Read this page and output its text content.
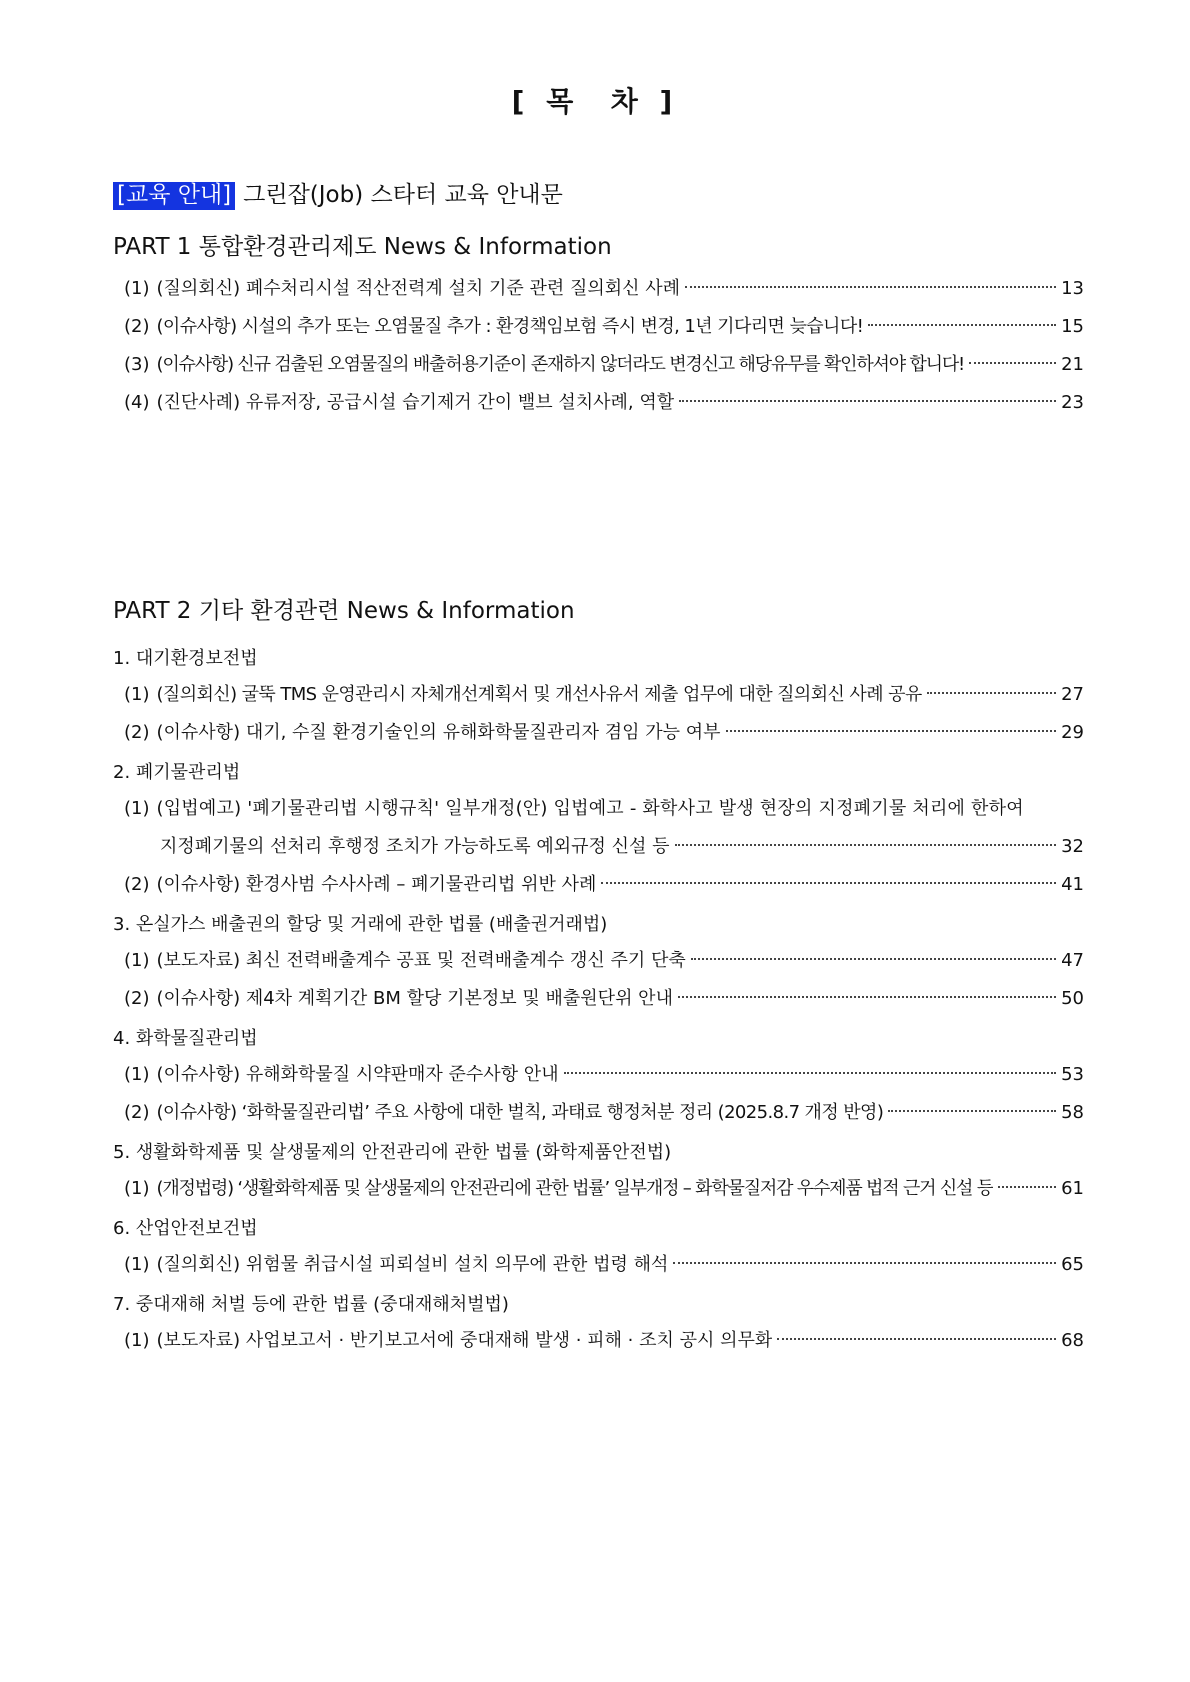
[ 목  차 ]
[교육 안내] 그린잡(Job) 스타터 교육 안내문
PART 1 통합환경관리제도 News & Information
(1) (질의회신) 폐수처리시설 적산전력계 설치 기준 관련 질의회신 사례	13
(2) (이슈사항) 시설의 추가 또는 오염물질 추가 : 환경책임보험 즉시 변경, 1년 기다리면 늦습니다!	15
(3) (이슈사항) 신규 검출된 오염물질의 배출허용기준이 존재하지 않더라도 변경신고 해당유무를 확인하셔야 합니다!	21
(4) (진단사례) 유류저장, 공급시설 습기제거 간이 밸브 설치사례, 역할	23
PART 2 기타 환경관련 News & Information
1. 대기환경보전법
(1) (질의회신) 굴뚝 TMS 운영관리시 자체개선계획서 및 개선사유서 제출 업무에 대한 질의회신 사례 공유	27
(2) (이슈사항) 대기, 수질 환경기술인의 유해화학물질관리자 겸임 가능 여부	29
2. 폐기물관리법
(1) (입법예고) '폐기물관리법 시행규칙' 일부개정(안) 입법예고 - 화학사고 발생 현장의 지정폐기물 처리에 한하여
지정폐기물의 선처리 후행정 조치가 가능하도록 예외규정 신설 등	32
(2) (이슈사항) 환경사범 수사사례 – 폐기물관리법 위반 사례	41
3. 온실가스 배출권의 할당 및 거래에 관한 법률 (배출권거래법)
(1) (보도자료) 최신 전력배출계수 공표 및 전력배출계수 갱신 주기 단축	47
(2) (이슈사항) 제4차 계획기간 BM 할당 기본정보 및 배출원단위 안내	50
4. 화학물질관리법
(1) (이슈사항) 유해화학물질 시약판매자 준수사항 안내	53
(2) (이슈사항) ‘화학물질관리법’ 주요 사항에 대한 벌칙, 과태료 행정처분 정리 (2025.8.7 개정 반영)	58
5. 생활화학제품 및 살생물제의 안전관리에 관한 법률 (화학제품안전법)
(1) (개정법령) ‘생활화학제품 및 살생물제의 안전관리에 관한 법률’ 일부개정 – 화학물질저감 우수제품 법적 근거 신설 등	61
6. 산업안전보건법
(1) (질의회신) 위험물 취급시설 피뢰설비 설치 의무에 관한 법령 해석	65
7. 중대재해 처벌 등에 관한 법률 (중대재해처벌법)
(1) (보도자료) 사업보고서 · 반기보고서에 중대재해 발생 · 피해 · 조치 공시 의무화	68
